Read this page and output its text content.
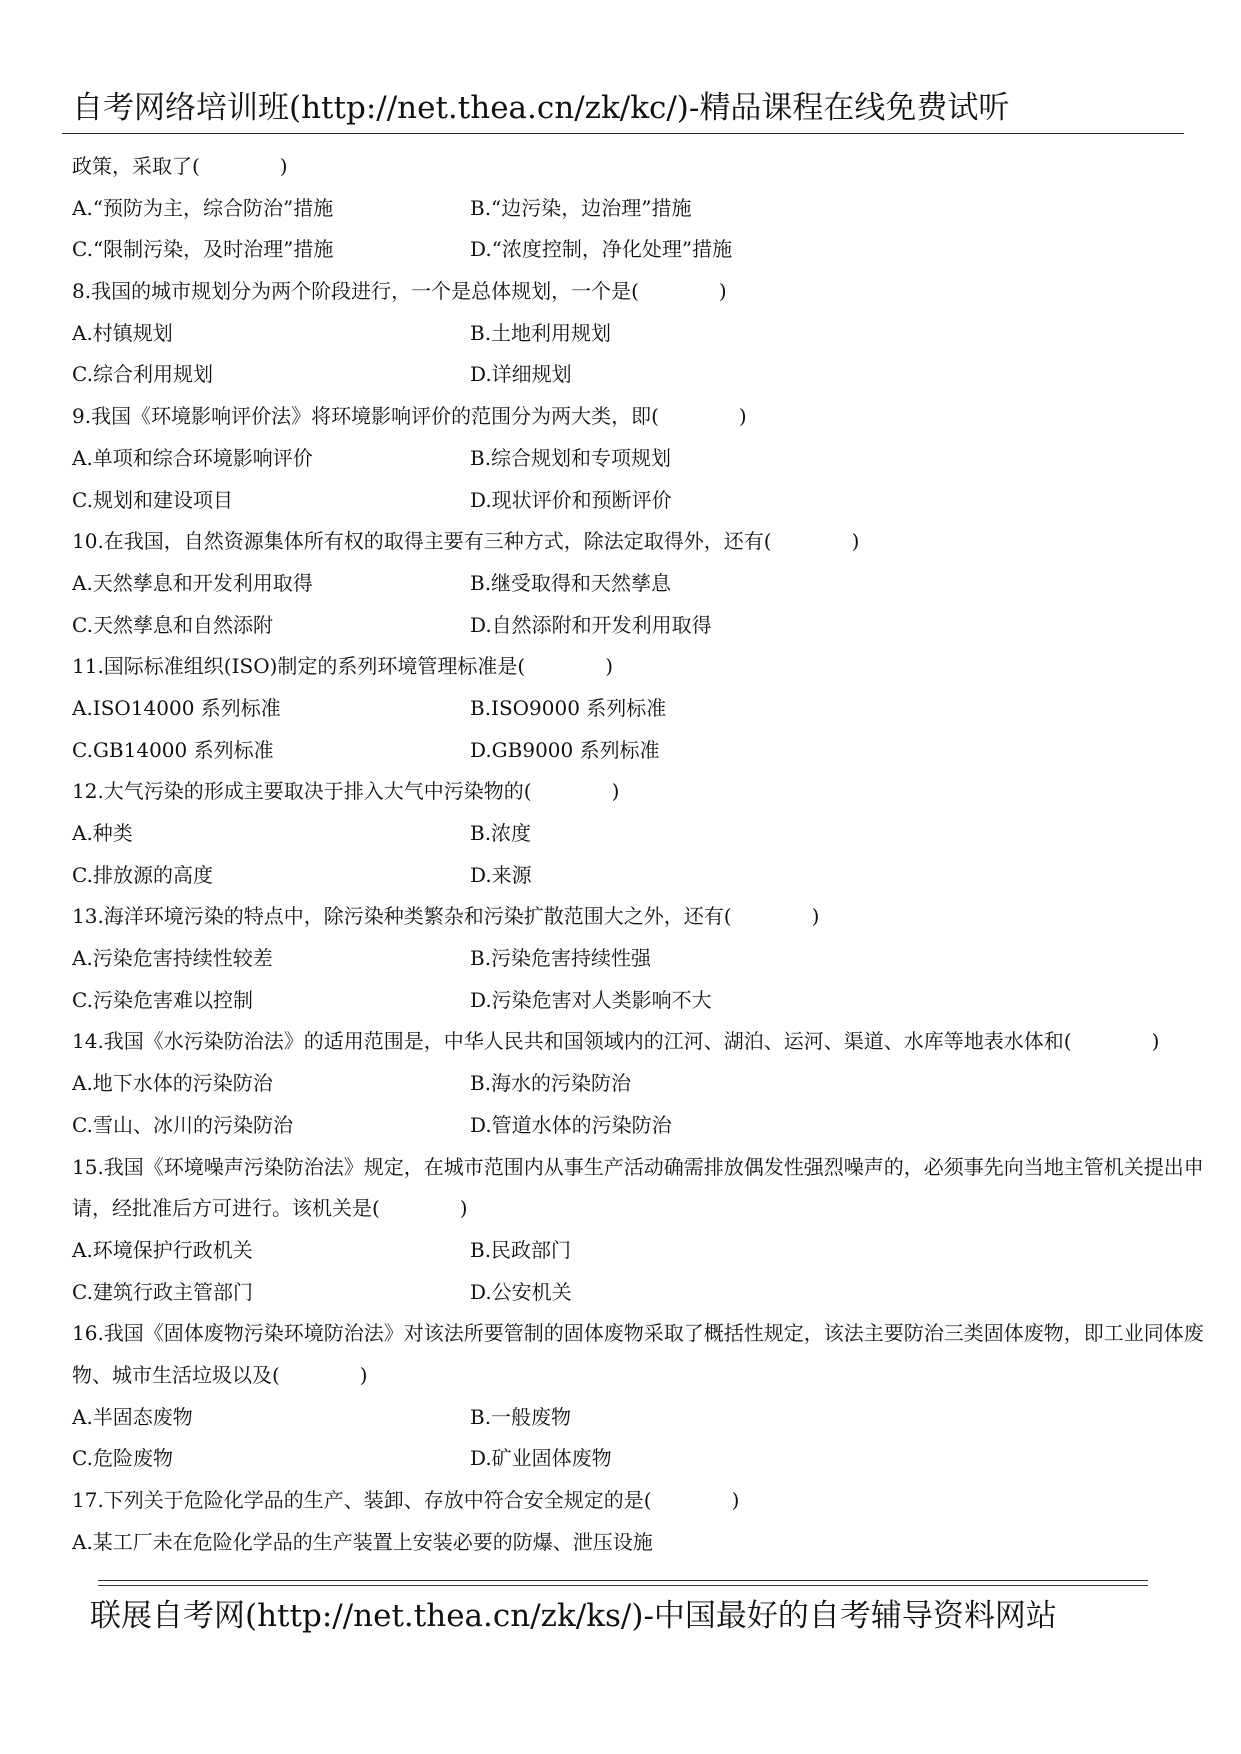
自考网络培训班(http://net.thea.cn/zk/kc/)-精品课程在线免费试听
政策，采取了(　　　　)
A.“预防为主，综合防治”措施	B.“边污染，边治理”措施
C.“限制污染，及时治理”措施	D.“浓度控制，净化处理”措施
8.我国的城市规划分为两个阶段进行，一个是总体规划，一个是(　　　　)
A.村镇规划	B.土地利用规划
C.综合利用规划	D.详细规划
9.我国《环境影响评价法》将环境影响评价的范围分为两大类，即(　　　　)
A.单项和综合环境影响评价	B.综合规划和专项规划
C.规划和建设项目	D.现状评价和预断评价
10.在我国，自然资源集体所有权的取得主要有三种方式，除法定取得外，还有(　　　　)
A.天然孳息和开发利用取得	B.继受取得和天然孳息
C.天然孳息和自然添附	D.自然添附和开发利用取得
11.国际标准组织(ISO)制定的系列环境管理标准是(　　　　)
A.ISO14000 系列标准	B.ISO9000 系列标准
C.GB14000 系列标准	D.GB9000 系列标准
12.大气污染的形成主要取决于排入大气中污染物的(　　　　)
A.种类	B.浓度
C.排放源的高度	D.来源
13.海洋环境污染的特点中，除污染种类繁杂和污染扩散范围大之外，还有(　　　　)
A.污染危害持续性较差	B.污染危害持续性强
C.污染危害难以控制	D.污染危害对人类影响不大
14.我国《水污染防治法》的适用范围是，中华人民共和国领域内的江河、湖泊、运河、渠道、水库等地表水体和(　　　　)
A.地下水体的污染防治	B.海水的污染防治
C.雪山、冰川的污染防治	D.管道水体的污染防治
15.我国《环境噪声污染防治法》规定，在城市范围内从事生产活动确需排放偶发性强烈噪声的，必须事先向当地主管机关提出申请，经批准后方可进行。该机关是(　　　　)
A.环境保护行政机关	B.民政部门
C.建筑行政主管部门	D.公安机关
16.我国《固体废物污染环境防治法》对该法所要管制的固体废物采取了概括性规定，该法主要防治三类固体废物，即工业同体废物、城市生活垃圾以及(　　　　)
A.半固态废物	B.一般废物
C.危险废物	D.矿业固体废物
17.下列关于危险化学品的生产、装卸、存放中符合安全规定的是(　　　　)
A.某工厂未在危险化学品的生产装置上安装必要的防爆、泄压设施
联展自考网(http://net.thea.cn/zk/ks/)-中国最好的自考辅导资料网站
